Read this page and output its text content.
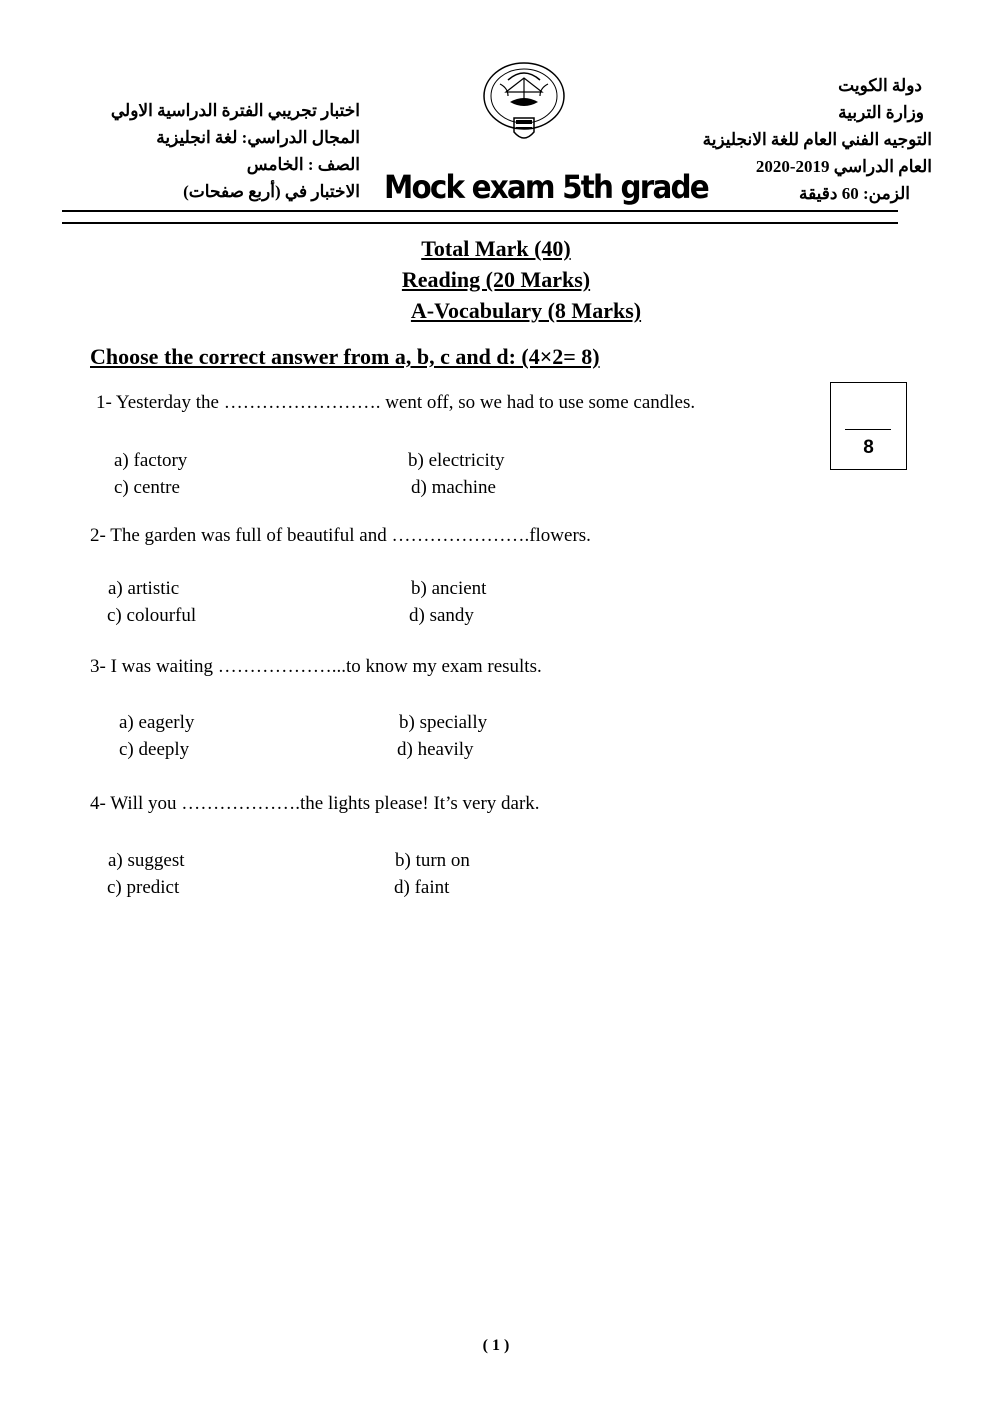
دولة الكويت
وزارة التربية
التوجيه الفني العام للغة الانجليزية
العام الدراسي 2019-2020
الزمن: 60 دقيقة
اختبار تجريبي الفترة الدراسية الاولي
المجال الدراسي: لغة انجليزية
الصف : الخامس
الاختبار في (أربع صفحات) Mock exam 5th grade
Total Mark (40)
Reading (20 Marks)
A-Vocabulary (8 Marks)
Choose the correct answer from a, b, c and d: (4×2= 8)
8
1- Yesterday the ……………………. went off, so we had to use some candles.
a) factory	b) electricity
c) centre	d) machine
2- The garden was full of beautiful and ………………….flowers.
a) artistic	b) ancient
c) colourful	d) sandy
3- I was waiting ………………...to know my exam results.
a) eagerly	b) specially
c) deeply	d) heavily
4- Will you ……………….the lights please! It’s very dark.
a) suggest	b) turn on
c) predict	d) faint
( 1 )
